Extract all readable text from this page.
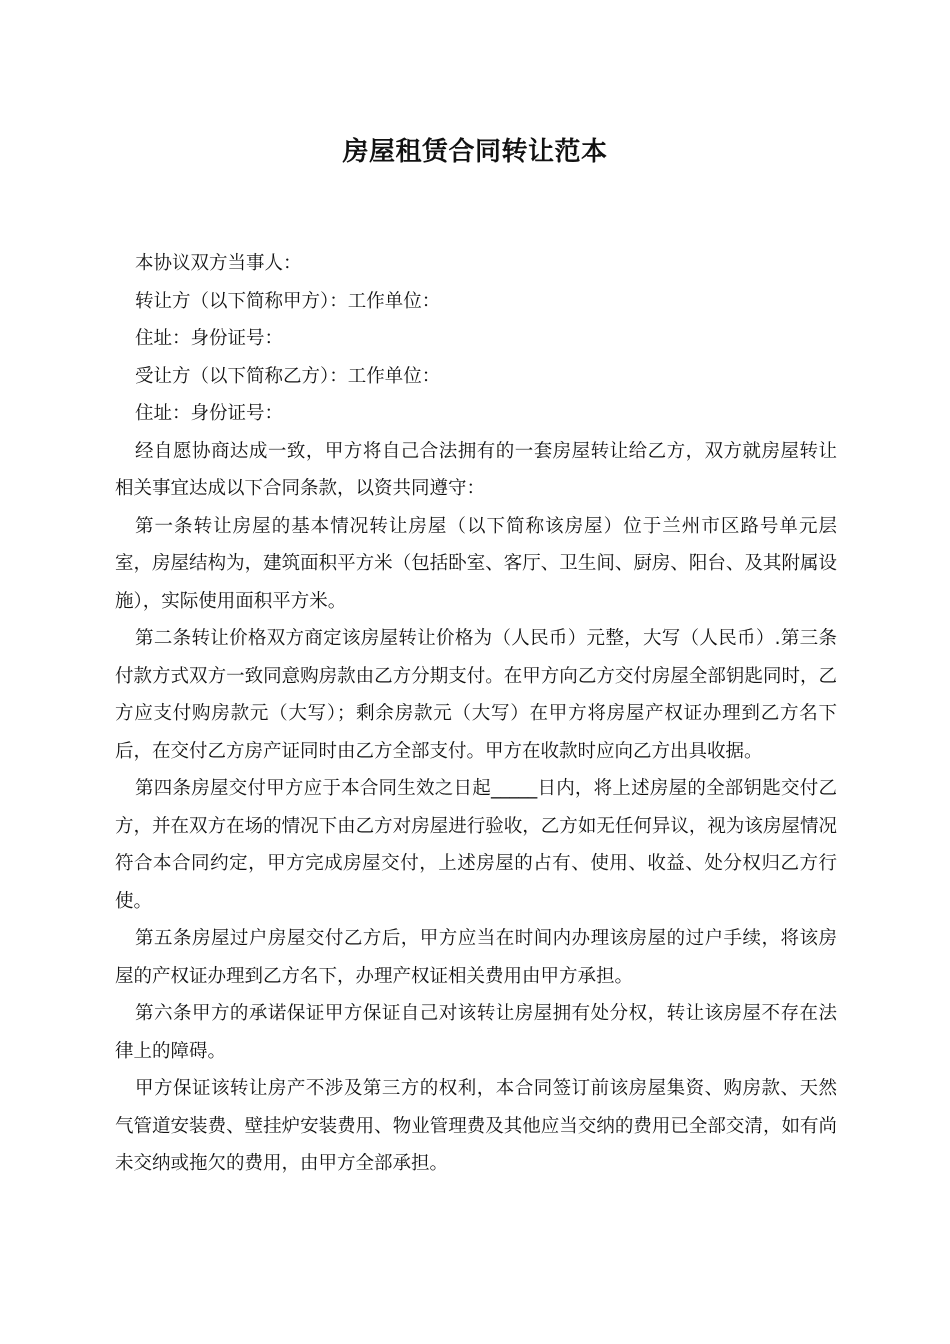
房屋租赁合同转让范本

本协议双方当事人：

转让方（以下简称甲方）：工作单位：

住址：身份证号：

受让方（以下简称乙方）：工作单位：

住址：身份证号：

经自愿协商达成一致，甲方将自己合法拥有的一套房屋转让给乙方，双方就房屋转让相关事宜达成以下合同条款，以资共同遵守：

第一条转让房屋的基本情况转让房屋（以下简称该房屋）位于兰州市区路号单元层室，房屋结构为，建筑面积平方米（包括卧室、客厅、卫生间、厨房、阳台、及其附属设施），实际使用面积平方米。

第二条转让价格双方商定该房屋转让价格为（人民币）元整，大写（人民币）.第三条付款方式双方一致同意购房款由乙方分期支付。在甲方向乙方交付房屋全部钥匙同时，乙方应支付购房款元（大写）；剩余房款元（大写）在甲方将房屋产权证办理到乙方名下后，在交付乙方房产证同时由乙方全部支付。甲方在收款时应向乙方出具收据。

第四条房屋交付甲方应于本合同生效之日起_____日内，将上述房屋的全部钥匙交付乙方，并在双方在场的情况下由乙方对房屋进行验收，乙方如无任何异议，视为该房屋情况符合本合同约定，甲方完成房屋交付，上述房屋的占有、使用、收益、处分权归乙方行使。

第五条房屋过户房屋交付乙方后，甲方应当在时间内办理该房屋的过户手续，将该房屋的产权证办理到乙方名下，办理产权证相关费用由甲方承担。

第六条甲方的承诺保证甲方保证自己对该转让房屋拥有处分权，转让该房屋不存在法律上的障碍。

甲方保证该转让房产不涉及第三方的权利，本合同签订前该房屋集资、购房款、天然气管道安装费、壁挂炉安装费用、物业管理费及其他应当交纳的费用已全部交清，如有尚未交纳或拖欠的费用，由甲方全部承担。
